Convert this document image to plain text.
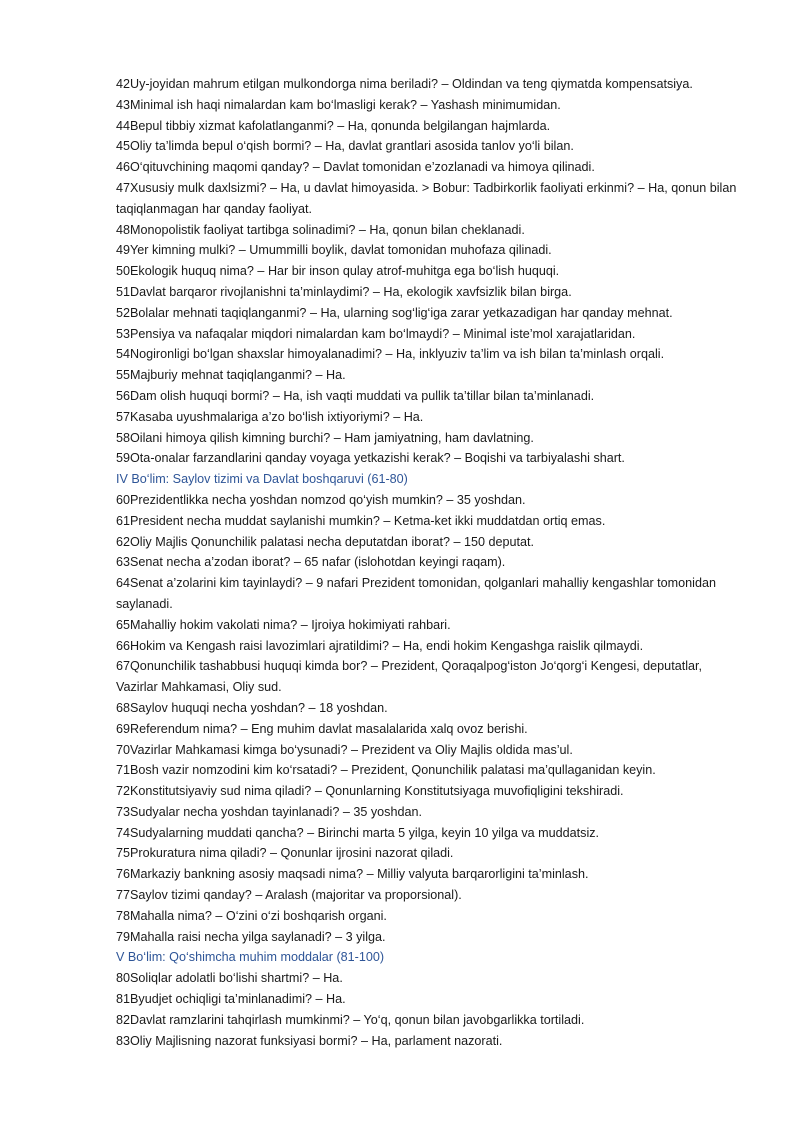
42Uy-joyidan mahrum etilgan mulkondorga nima beriladi? – Oldindan va teng qiymatda kompensatsiya.
43Minimal ish haqi nimalardan kam bo‘lmasligi kerak? – Yashash minimumidan.
44Bepul tibbiy xizmat kafolatlanganmi? – Ha, qonunda belgilangan hajmlarda.
45Oliy ta’limda bepul o‘qish bormi? – Ha, davlat grantlari asosida tanlov yo‘li bilan.
46O‘qituvchining maqomi qanday? – Davlat tomonidan e’zozlanadi va himoya qilinadi.
47Xususiy mulk daxlsizmi? – Ha, u davlat himoyasida. > Bobur: Tadbirkorlik faoliyati erkinmi? – Ha, qonun bilan taqiqlanmagan har qanday faoliyat.
48Monopolistik faoliyat tartibga solinadimi? – Ha, qonun bilan cheklanadi.
49Yer kimning mulki? – Umummilli boylik, davlat tomonidan muhofaza qilinadi.
50Ekologik huquq nima? – Har bir inson qulay atrof-muhitga ega bo‘lish huquqi.
51Davlat barqaror rivojlanishni ta’minlaydimi? – Ha, ekologik xavfsizlik bilan birga.
52Bolalar mehnati taqiqlanganmi? – Ha, ularning sog‘lig‘iga zarar yetkazadigan har qanday mehnat.
53Pensiya va nafaqalar miqdori nimalardan kam bo‘lmaydi? – Minimal iste’mol xarajatlaridan.
54Nogironligi bo‘lgan shaxslar himoyalanadimi? – Ha, inklyuziv ta’lim va ish bilan ta’minlash orqali.
55Majburiy mehnat taqiqlanganmi? – Ha.
56Dam olish huquqi bormi? – Ha, ish vaqti muddati va pullik ta’tillar bilan ta’minlanadi.
57Kasaba uyushmalariga a’zo bo‘lish ixtiyoriymi? – Ha.
58Oilani himoya qilish kimning burchi? – Ham jamiyatning, ham davlatning.
59Ota-onalar farzandlarini qanday voyaga yetkazishi kerak? – Boqishi va tarbiyalashi shart.
IV Bo‘lim: Saylov tizimi va Davlat boshqaruvi (61-80)
60Prezidentlikka necha yoshdan nomzod qo‘yish mumkin? – 35 yoshdan.
61President necha muddat saylanishi mumkin? – Ketma-ket ikki muddatdan ortiq emas.
62Oliy Majlis Qonunchilik palatasi necha deputatdan iborat? – 150 deputat.
63Senat necha a’zodan iborat? – 65 nafar (islohotdan keyingi raqam).
64Senat a’zolarini kim tayinlaydi? – 9 nafari Prezident tomonidan, qolganlari mahalliy kengashlar tomonidan saylanadi.
65Mahalliy hokim vakolati nima? – Ijroiya hokimiyati rahbari.
66Hokim va Kengash raisi lavozimlari ajratildimi? – Ha, endi hokim Kengashga raislik qilmaydi.
67Qonunchilik tashabbusi huquqi kimda bor? – Prezident, Qoraqalpog‘iston Jo‘qorg‘i Kengesi, deputatlar, Vazirlar Mahkamasi, Oliy sud.
68Saylov huquqi necha yoshdan? – 18 yoshdan.
69Referendum nima? – Eng muhim davlat masalalarida xalq ovoz berishi.
70Vazirlar Mahkamasi kimga bo‘ysunadi? – Prezident va Oliy Majlis oldida mas’ul.
71Bosh vazir nomzodini kim ko‘rsatadi? – Prezident, Qonunchilik palatasi ma’qullaganidan keyin.
72Konstitutsiyaviy sud nima qiladi? – Qonunlarning Konstitutsiyaga muvofiqligini tekshiradi.
73Sudyalar necha yoshdan tayinlanadi? – 35 yoshdan.
74Sudyalarning muddati qancha? – Birinchi marta 5 yilga, keyin 10 yilga va muddatsiz.
75Prokuratura nima qiladi? – Qonunlar ijrosini nazorat qiladi.
76Markaziy bankning asosiy maqsadi nima? – Milliy valyuta barqarorligini ta’minlash.
77Saylov tizimi qanday? – Aralash (majoritar va proporsional).
78Mahalla nima? – O‘zini o‘zi boshqarish organi.
79Mahalla raisi necha yilga saylanadi? – 3 yilga.
V Bo‘lim: Qo‘shimcha muhim moddalar (81-100)
80Soliqlar adolatli bo‘lishi shartmi? – Ha.
81Byudjet ochiqligi ta’minlanadimi? – Ha.
82Davlat ramzlarini tahqirlash mumkinmi? – Yo‘q, qonun bilan javobgarlikka tortiladi.
83Oliy Majlisning nazorat funksiyasi bormi? – Ha, parlament nazorati.
